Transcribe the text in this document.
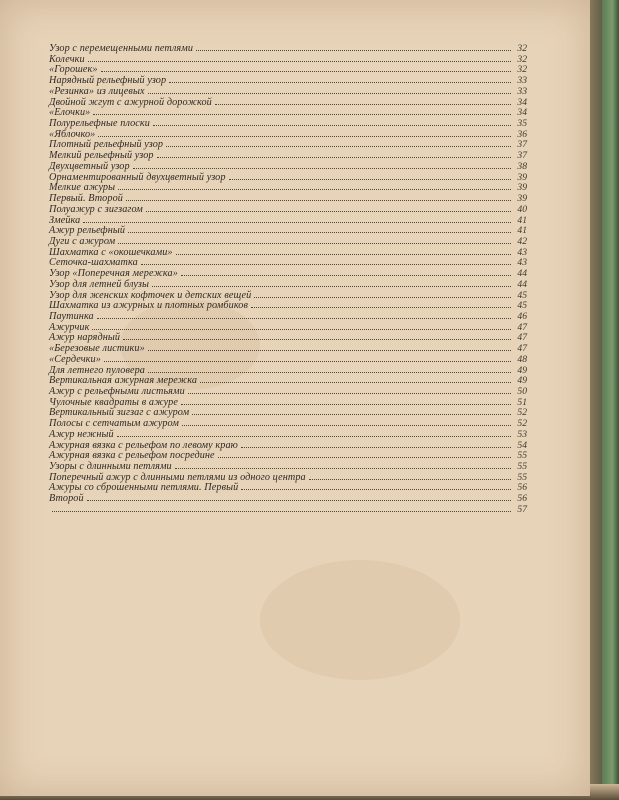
Узор с перемещенными петлями	32
Колечки	32
«Горошек»	32
Нарядный рельефный узор	33
«Резинка» из лицевых	33
Двойной жгут с ажурной дорожкой	34
«Елочки»	34
Полурельефные плоски	35
«Яблочко»	36
Плотный рельефный узор	37
Мелкий рельефный узор	37
Двухцветный узор	38
Орнаментированный двухцветный узор	39
Мелкие ажуры	39
Первый. Второй	39
Полуажур с зигзагом	40
Змейка	41
Ажур рельефный	41
Дуги с ажуром	42
Шахматка с «окошечками»	43
Сеточка-шахматка	43
Узор «Поперечная мережка»	44
Узор для летней блузы	44
Узор для женских кофточек и детских вещей	45
Шахматка из ажурных и плотных ромбиков	45
Паутинка	46
Ажурчик	47
Ажур нарядный	47
«Березовые листики»	47
«Сердечки»	48
Для летнего пуловера	49
Вертикальная ажурная мережка	49
Ажур с рельефными листьями	50
Чулочные квадраты в ажуре	51
Вертикальный зигзаг с ажуром	52
Полосы с сетчатым ажуром	52
Ажур нежный	53
Ажурная вязка с рельефом по левому краю	54
Ажурная вязка с рельефом посредине	55
Узоры с длинными петлями	55
Поперечный ажур с длинными петлями из одного центра	55
Ажуры со сброшенными петлями. Первый	56
Второй	56
57
